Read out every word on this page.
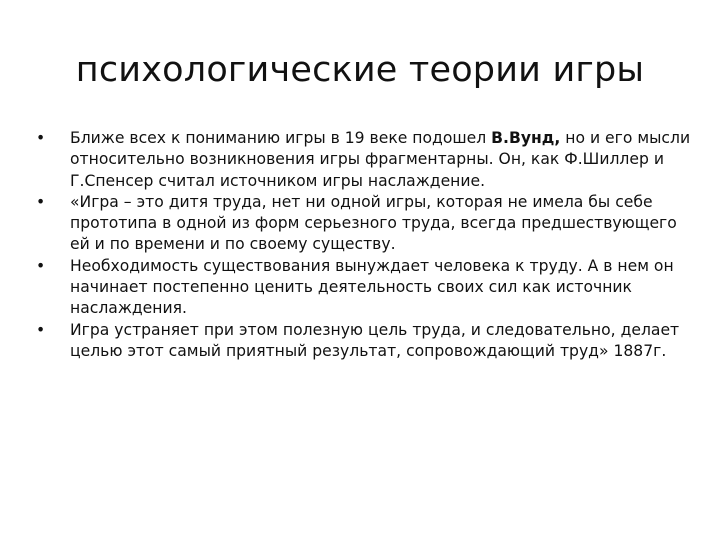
психологические теории игры
•	Ближе всех к пониманию игры в 19 веке подошел В.Вунд, но и его мысли относительно возникновения игры фрагментарны. Он, как Ф.Шиллер и Г.Спенсер считал источником игры наслаждение.
•	«Игра – это дитя труда, нет ни одной игры, которая не имела бы себе прототипа в одной из форм серьезного труда, всегда предшествующего ей и по времени и по своему существу.
•	Необходимость существования вынуждает человека к труду. А в нем он начинает постепенно ценить деятельность своих сил как источник наслаждения.
•	Игра устраняет при этом полезную цель труда, и следовательно, делает целью этот самый приятный результат, сопровождающий труд» 1887г.
